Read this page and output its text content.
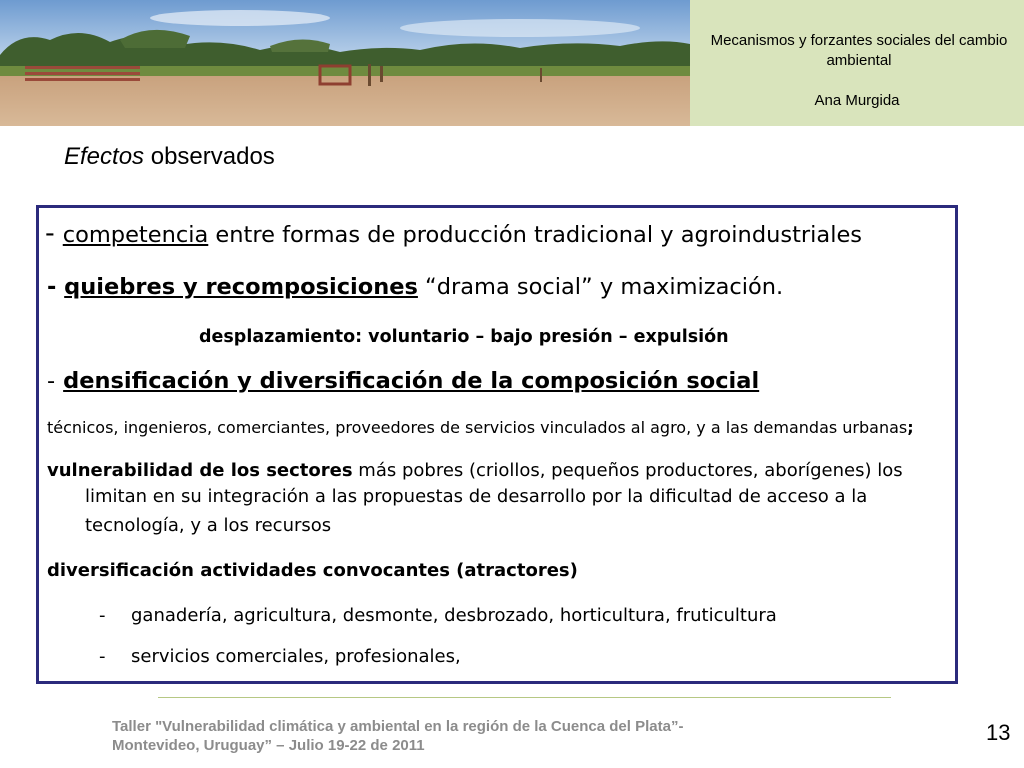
Mecanismos y forzantes sociales del cambio ambiental
Ana Murgida
Efectos observados
- competencia entre formas de producción tradicional y agroindustriales
- quiebres y recomposiciones “drama social” y maximización.
desplazamiento: voluntario – bajo presión – expulsión
- densificación y diversificación de la composición social
técnicos, ingenieros, comerciantes, proveedores de servicios vinculados al agro, y a las demandas urbanas;
vulnerabilidad de los sectores más pobres (criollos, pequeños productores, aborígenes) los
limitan en su integración a las propuestas de desarrollo por la dificultad de acceso a la
tecnología, y a los recursos
diversificación actividades convocantes (atractores)
- ganadería, agricultura, desmonte, desbrozado, horticultura, fruticultura
- servicios comerciales, profesionales,
Taller "Vulnerabilidad climática y ambiental en la región de la Cuenca del Plata”-
Montevideo, Uruguay” – Julio 19-22 de 2011
13
